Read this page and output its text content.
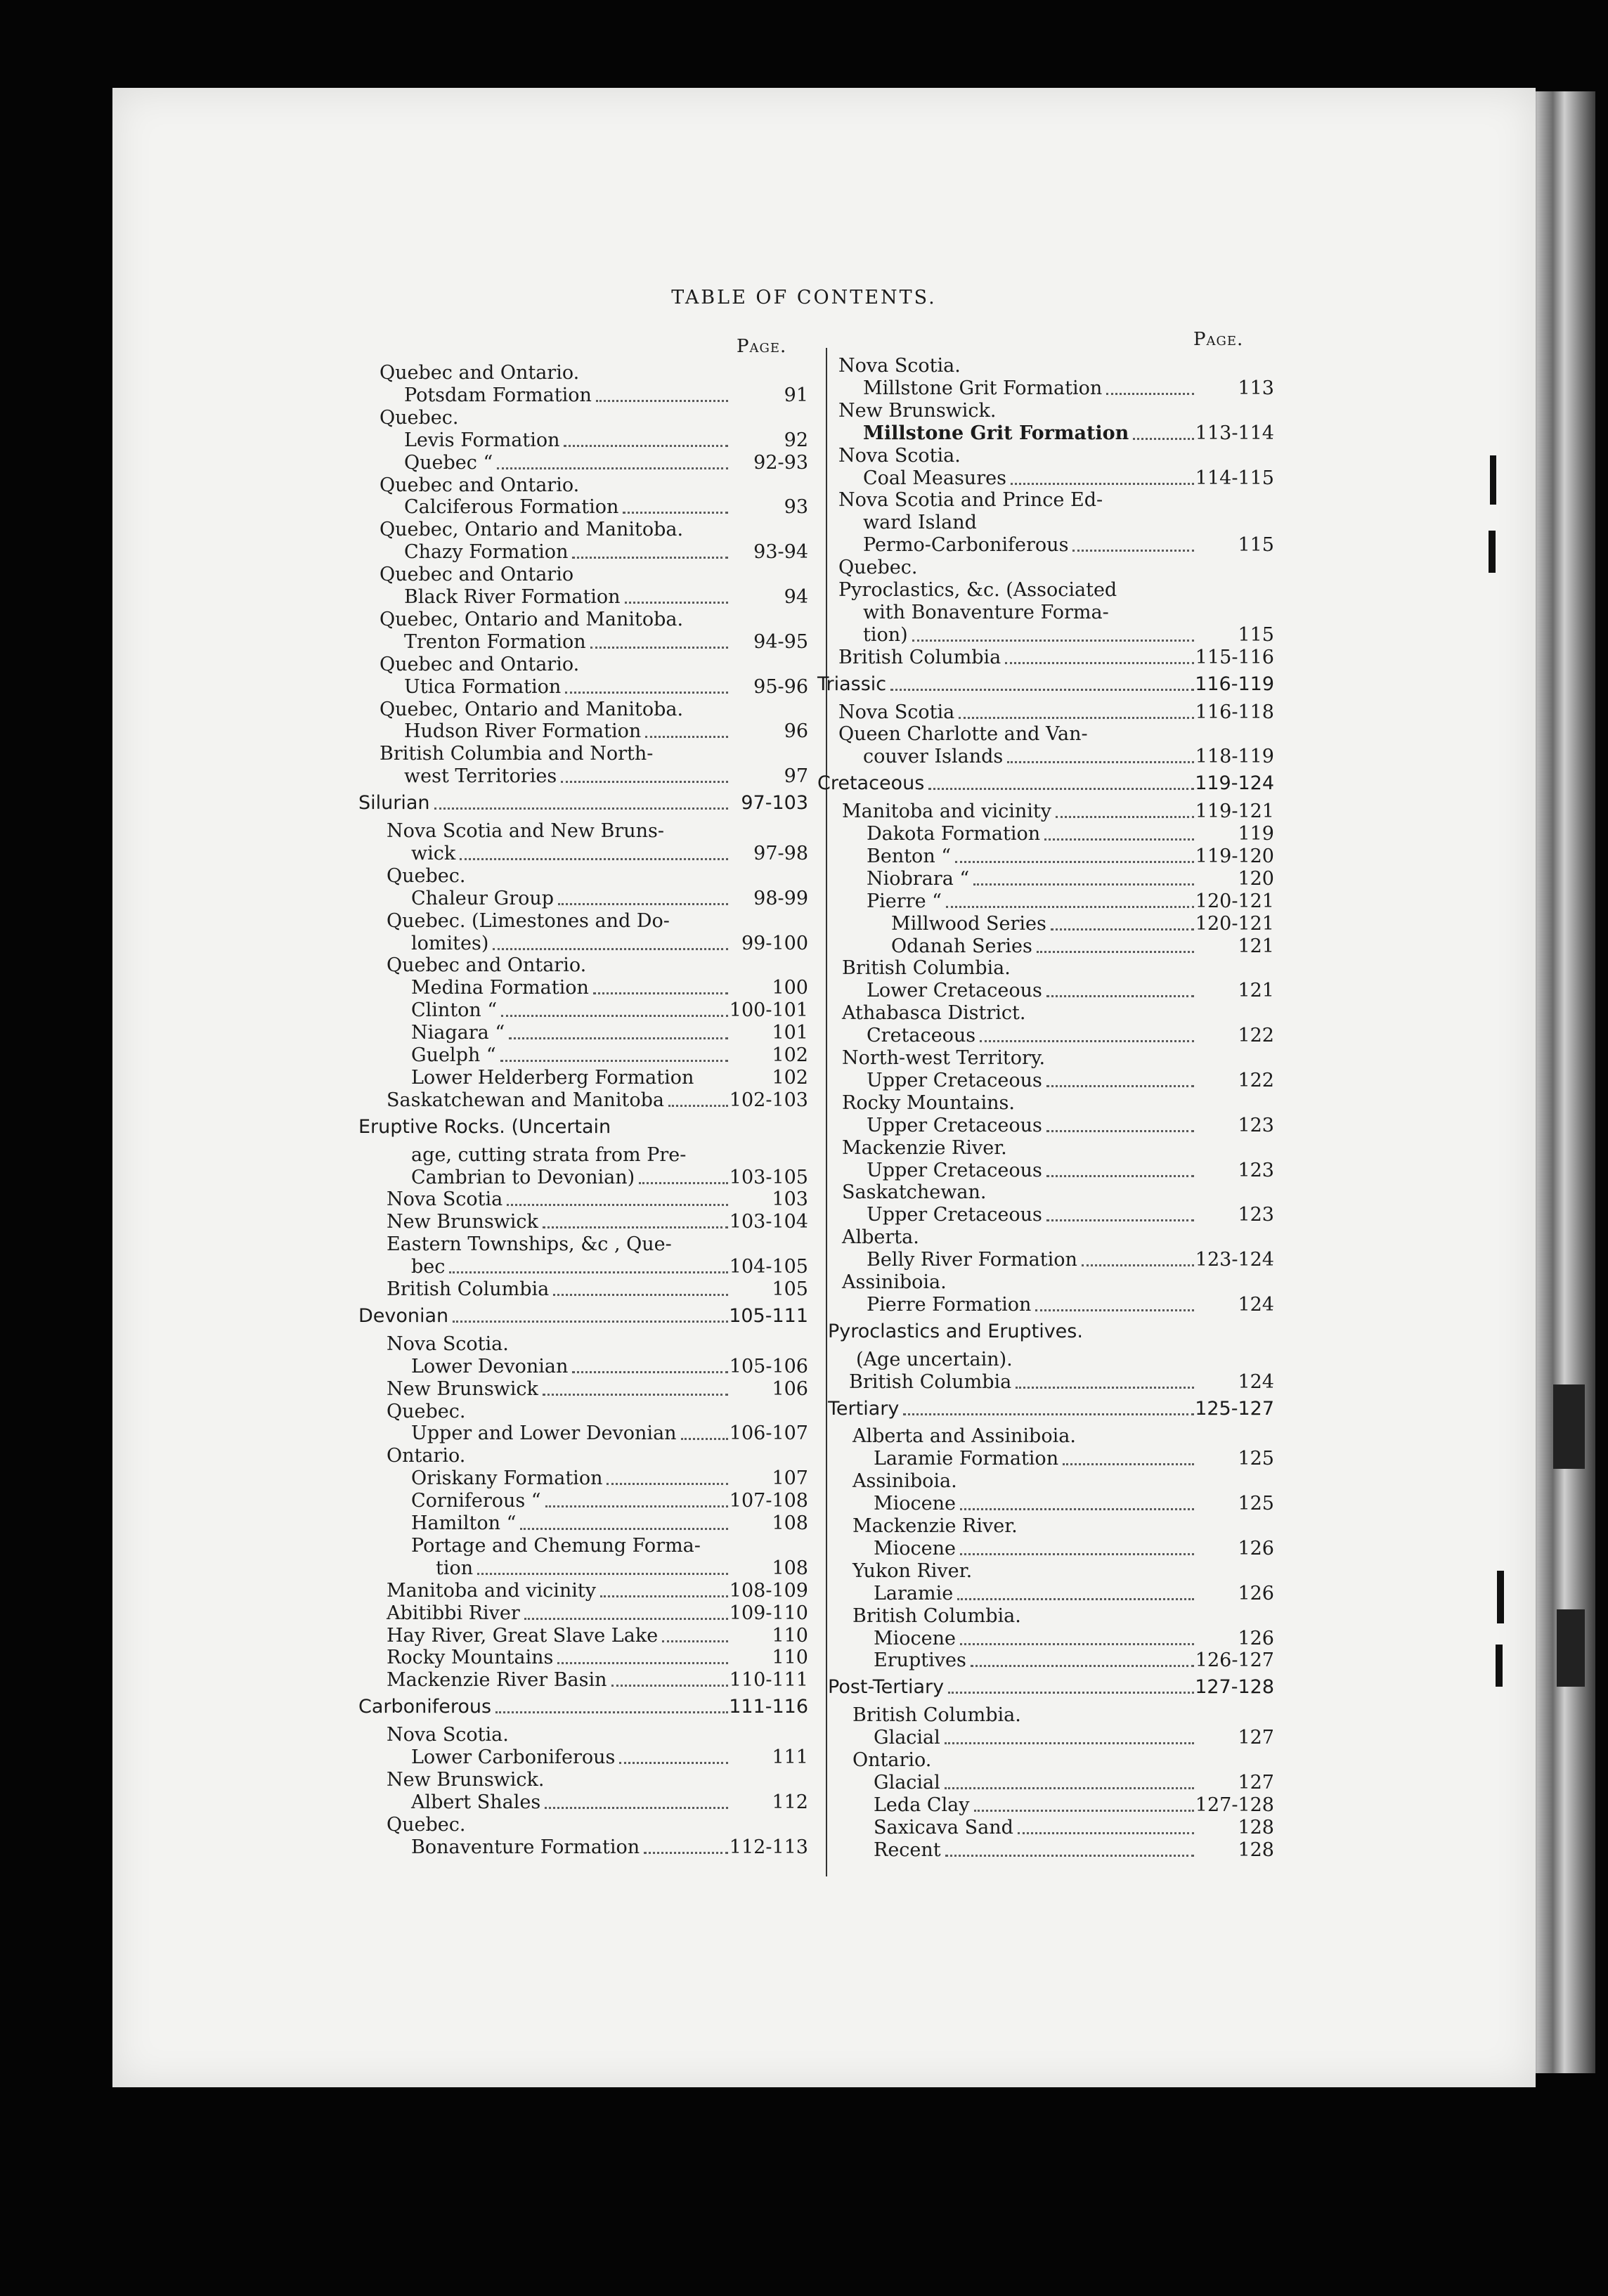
TABLE OF CONTENTS.
Page.	Page.
Quebec and Ontario.
Potsdam Formation	91
Quebec.
Levis Formation	92
Quebec “	92-93
Quebec and Ontario.
Calciferous Formation	93
Quebec, Ontario and Manitoba.
Chazy Formation	93-94
Quebec and Ontario
Black River Formation	94
Quebec, Ontario and Manitoba.
Trenton Formation	94-95
Quebec and Ontario.
Utica Formation	95-96
Quebec, Ontario and Manitoba.
Hudson River Formation	96
British Columbia and North-
west Territories	97
Silurian	97-103
Nova Scotia and New Bruns-
wick	97-98
Quebec.
Chaleur Group	98-99
Quebec. (Limestones and Do-
lomites)	99-100
Quebec and Ontario.
Medina Formation	100
Clinton “	100-101
Niagara “	101
Guelph “	102
Lower Helderberg Formation	102
Saskatchewan and Manitoba	102-103
Eruptive Rocks. (Uncertain
age, cutting strata from Pre-
Cambrian to Devonian)	103-105
Nova Scotia	103
New Brunswick	103-104
Eastern Townships, &c , Que-
bec	104-105
British Columbia	105
Devonian	105-111
Nova Scotia.
Lower Devonian	105-106
New Brunswick	106
Quebec.
Upper and Lower Devonian	106-107
Ontario.
Oriskany Formation	107
Corniferous “	107-108
Hamilton “	108
Portage and Chemung Forma-
tion	108
Manitoba and vicinity	108-109
Abitibbi River	109-110
Hay River, Great Slave Lake	110
Rocky Mountains	110
Mackenzie River Basin	110-111
Carboniferous	111-116
Nova Scotia.
Lower Carboniferous	111
New Brunswick.
Albert Shales	112
Quebec.
Bonaventure Formation	112-113
Nova Scotia.
Millstone Grit Formation	113
New Brunswick.
Millstone Grit Formation	113-114
Nova Scotia.
Coal Measures	114-115
Nova Scotia and Prince Ed-
ward Island
Permo-Carboniferous	115
Quebec.
Pyroclastics, &c. (Associated
with Bonaventure Forma-
tion)	115
British Columbia	115-116
Triassic	116-119
Nova Scotia	116-118
Queen Charlotte and Van-
couver Islands	118-119
Cretaceous	119-124
Manitoba and vicinity	119-121
Dakota Formation	119
Benton “	119-120
Niobrara “	120
Pierre “	120-121
Millwood Series	120-121
Odanah Series	121
British Columbia.
Lower Cretaceous	121
Athabasca District.
Cretaceous	122
North-west Territory.
Upper Cretaceous	122
Rocky Mountains.
Upper Cretaceous	123
Mackenzie River.
Upper Cretaceous	123
Saskatchewan.
Upper Cretaceous	123
Alberta.
Belly River Formation	123-124
Assiniboia.
Pierre Formation	124
Pyroclastics and Eruptives.
(Age uncertain).
British Columbia	124
Tertiary	125-127
Alberta and Assiniboia.
Laramie Formation	125
Assiniboia.
Miocene	125
Mackenzie River.
Miocene	126
Yukon River.
Laramie	126
British Columbia.
Miocene	126
Eruptives	126-127
Post-Tertiary	127-128
British Columbia.
Glacial	127
Ontario.
Glacial	127
Leda Clay	127-128
Saxicava Sand	128
Recent	128
